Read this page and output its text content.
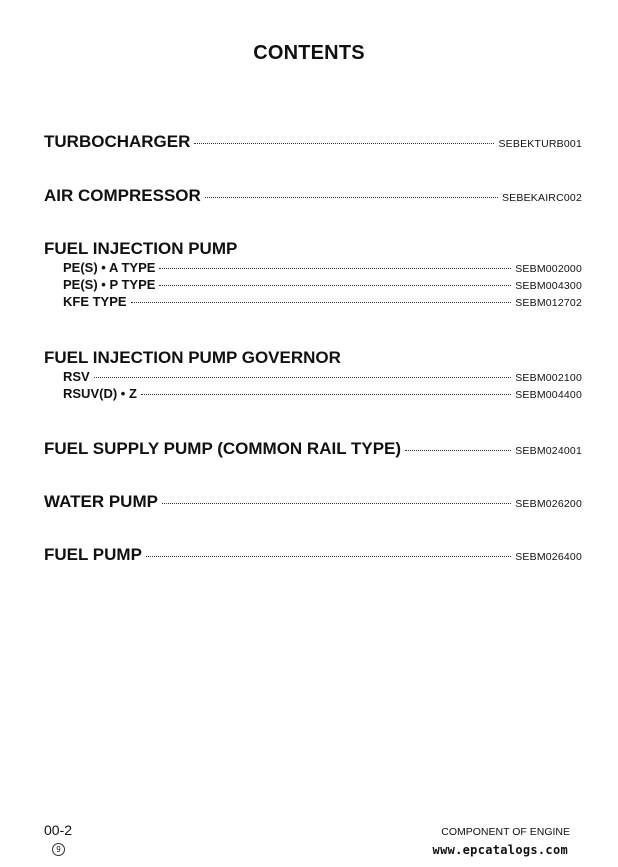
CONTENTS
TURBOCHARGER	SEBEKTURB001
AIR COMPRESSOR	SEBEKAIRC002
FUEL INJECTION PUMP
PE(S) • A TYPE	SEBM002000
PE(S) • P TYPE	SEBM004300
KFE TYPE	SEBM012702
FUEL INJECTION PUMP GOVERNOR
RSV	SEBM002100
RSUV(D) • Z	SEBM004400
FUEL SUPPLY PUMP (COMMON RAIL TYPE)	SEBM024001
WATER PUMP	SEBM026200
FUEL PUMP	SEBM026400
00-2
9
COMPONENT OF ENGINE
www.epcatalogs.com
